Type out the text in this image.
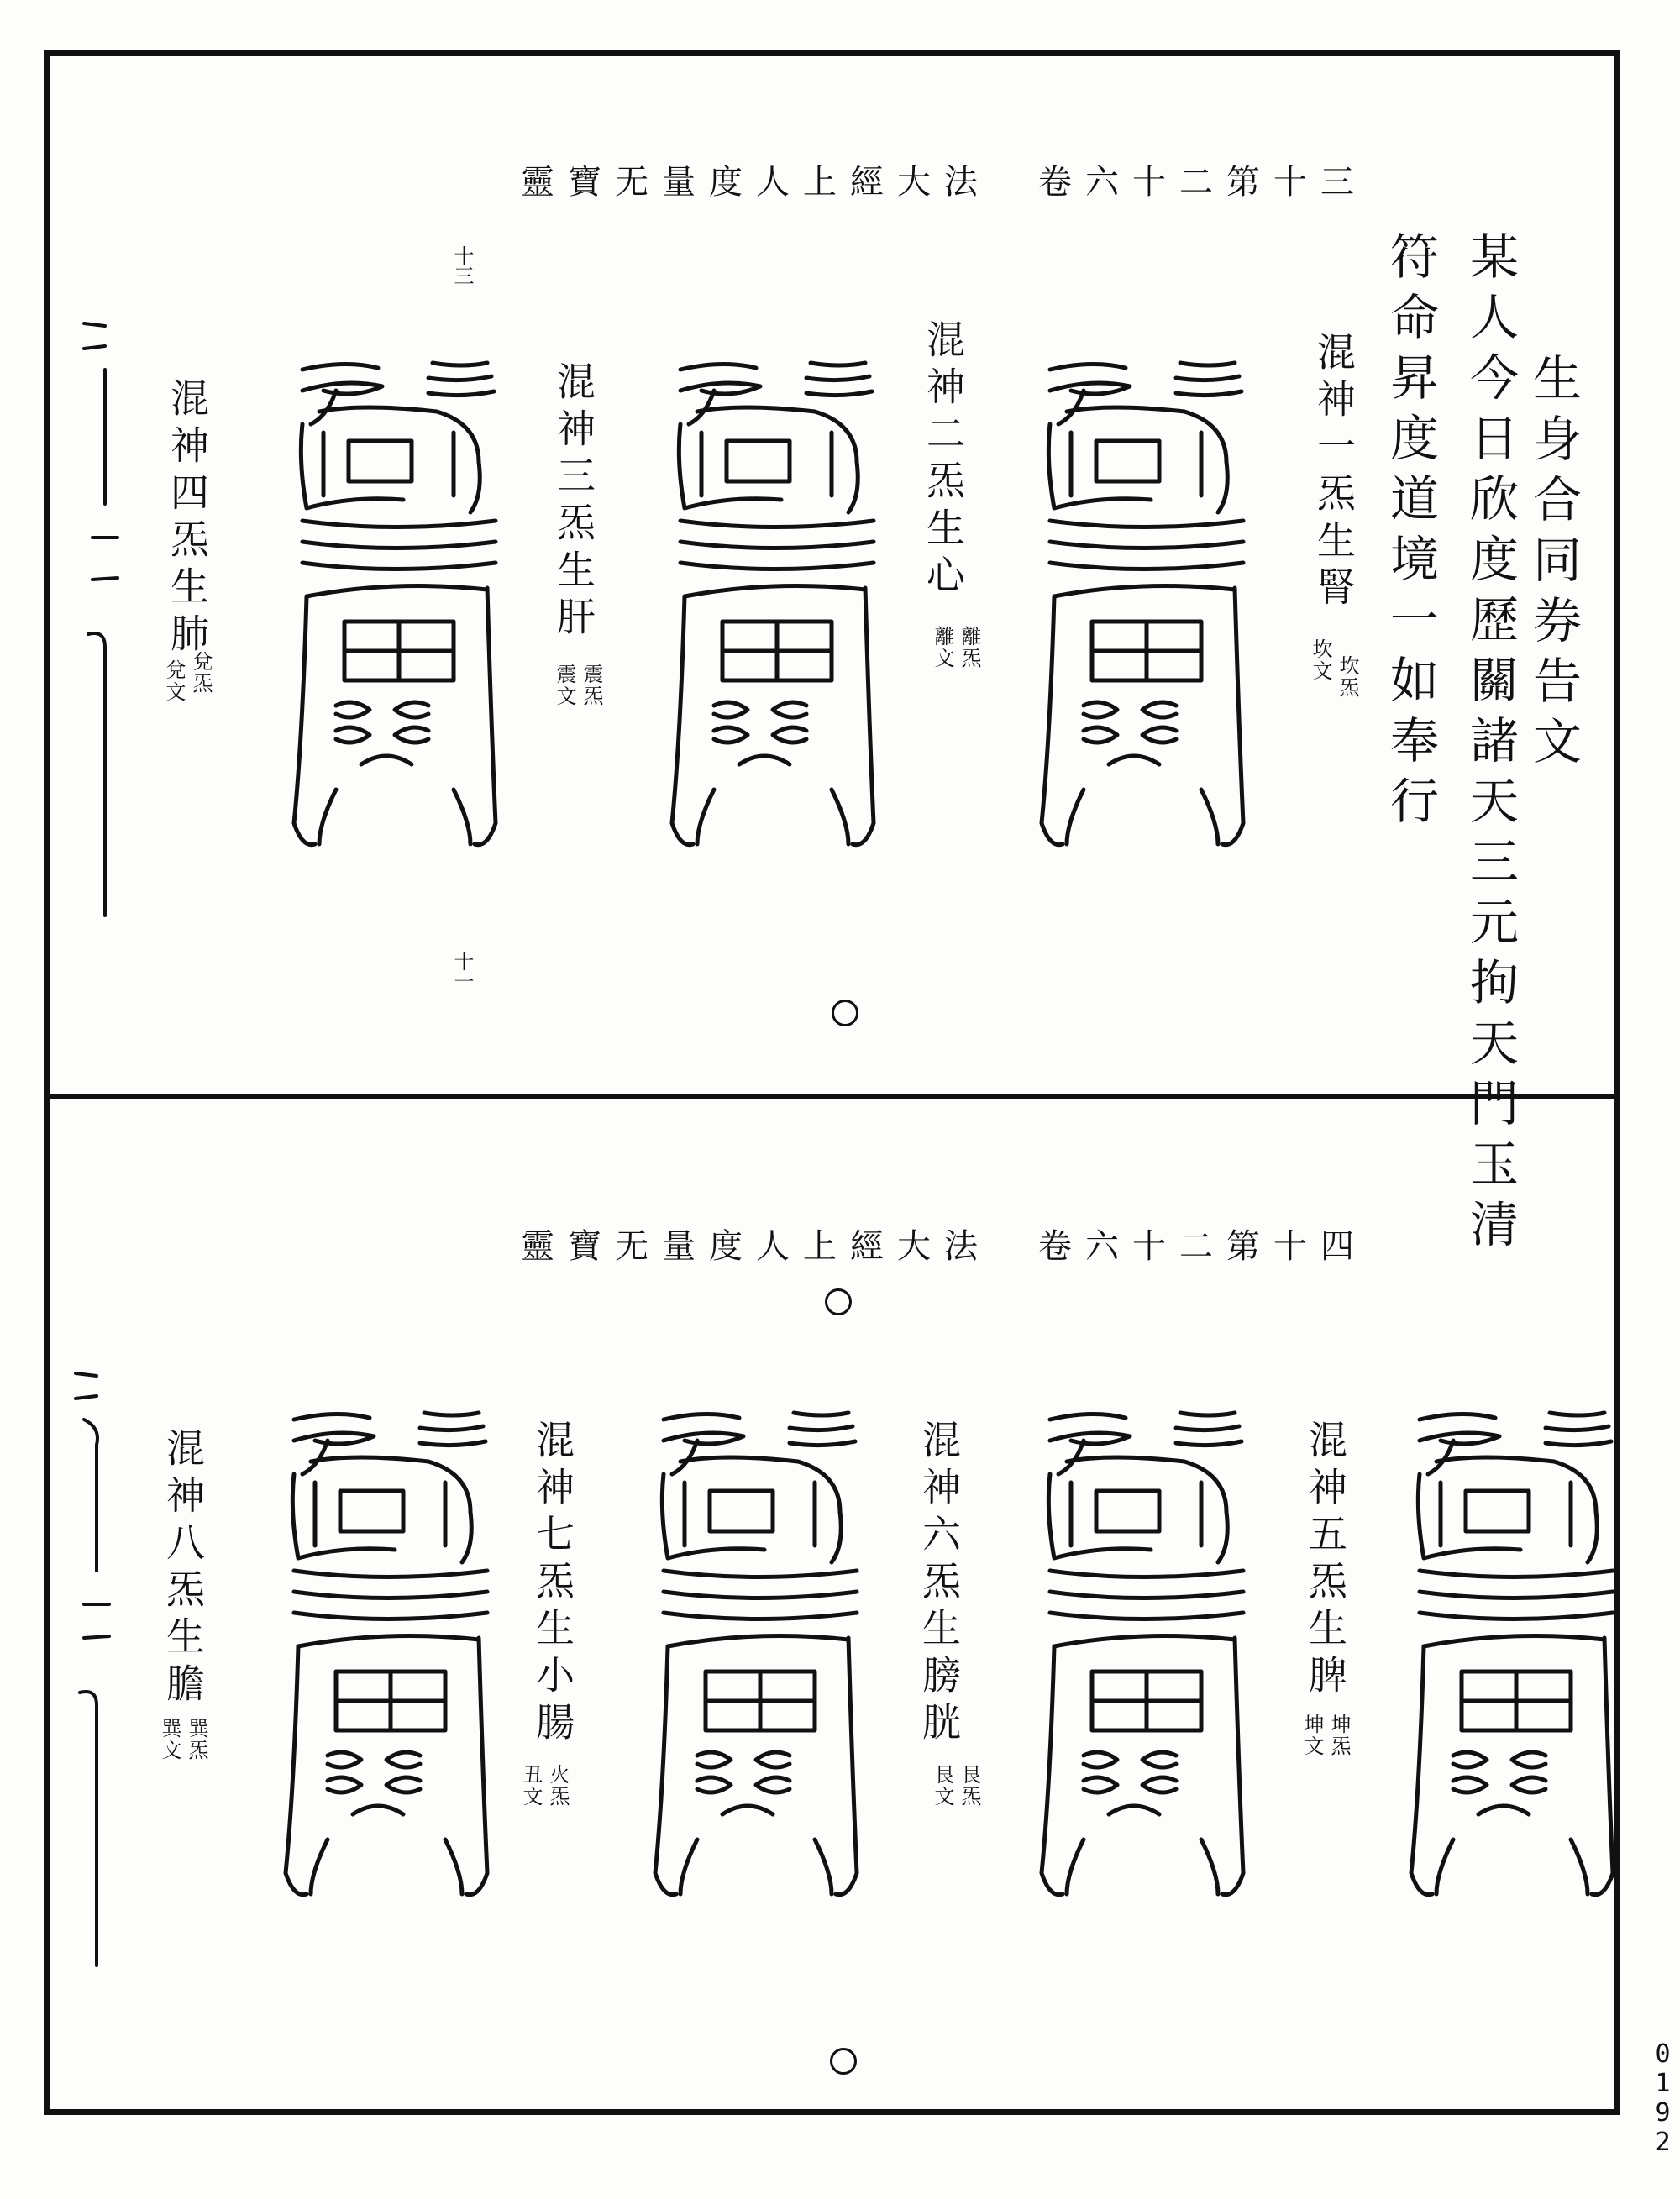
靈寶无量度人上經大法　卷六十二第十三
生身合同券告文
某人今日欣度歷關諸天三元拘天門玉清
符命昇度道境一如奉行
混神一炁生腎
坎文 坎炁
混神二炁生心
離文 離炁
混神三炁生肝
震文 震炁
混神四炁生肺
兌文 兌炁
十三
十一
靈寶无量度人上經大法　卷六十二第十四
混神五炁生脾
坤文 坤炁
混神六炁生膀胱
艮文 艮炁
混神七炁生小腸
丑文 火炁
混神八炁生膽
巽文 巽炁
0192
